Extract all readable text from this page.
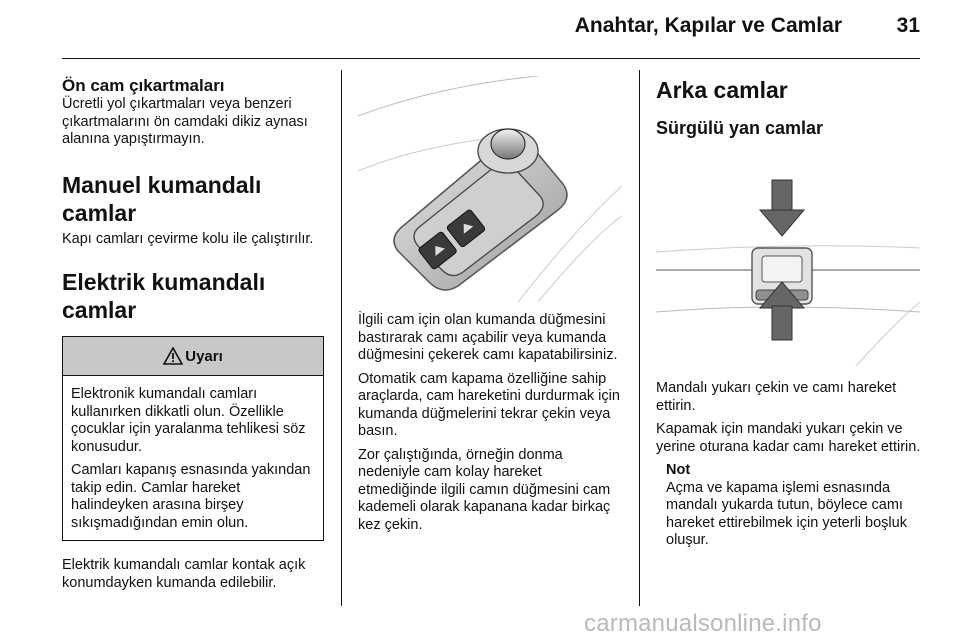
Anahtar, Kapılar ve Camlar	31
Ön cam çıkartmaları

Ücretli yol çıkartmaları veya benzeri çıkartmalarını ön camdaki dikiz aynası alanına yapıştırmayın.

Manuel kumandalı camlar

Kapı camları çevirme kolu ile çalıştırılır.

Elektrik kumandalı camlar
Uyarı

Elektronik kumandalı camları kullanırken dikkatli olun. Özellikle çocuklar için yaralanma tehlikesi söz konusudur.

Camları kapanış esnasında yakından takip edin. Camlar hareket halindeyken arasına birşey sıkışmadığından emin olun.

Elektrik kumandalı camlar kontak açık konumdayken kumanda edilebilir.

İlgili cam için olan kumanda düğmesini bastırarak camı açabilir veya kumanda düğmesini çekerek camı kapatabilirsiniz.

Otomatik cam kapama özelliğine sahip araçlarda, cam hareketini durdurmak için kumanda düğmelerini tekrar çekin veya basın.

Zor çalıştığında, örneğin donma nedeniyle cam kolay hareket etmediğinde ilgili camın düğmesini cam kademeli olarak kapanana kadar birkaç kez çekin.

Arka camlar
Sürgülü yan camlar

Mandalı yukarı çekin ve camı hareket ettirin.

Kapamak için mandaki yukarı çekin ve yerine oturana kadar camı hareket ettirin.

Not

Açma ve kapama işlemi esnasında mandalı yukarda tutun, böylece camı hareket ettirebilmek için yeterli boşluk oluşur.

carmanualsonline.info
